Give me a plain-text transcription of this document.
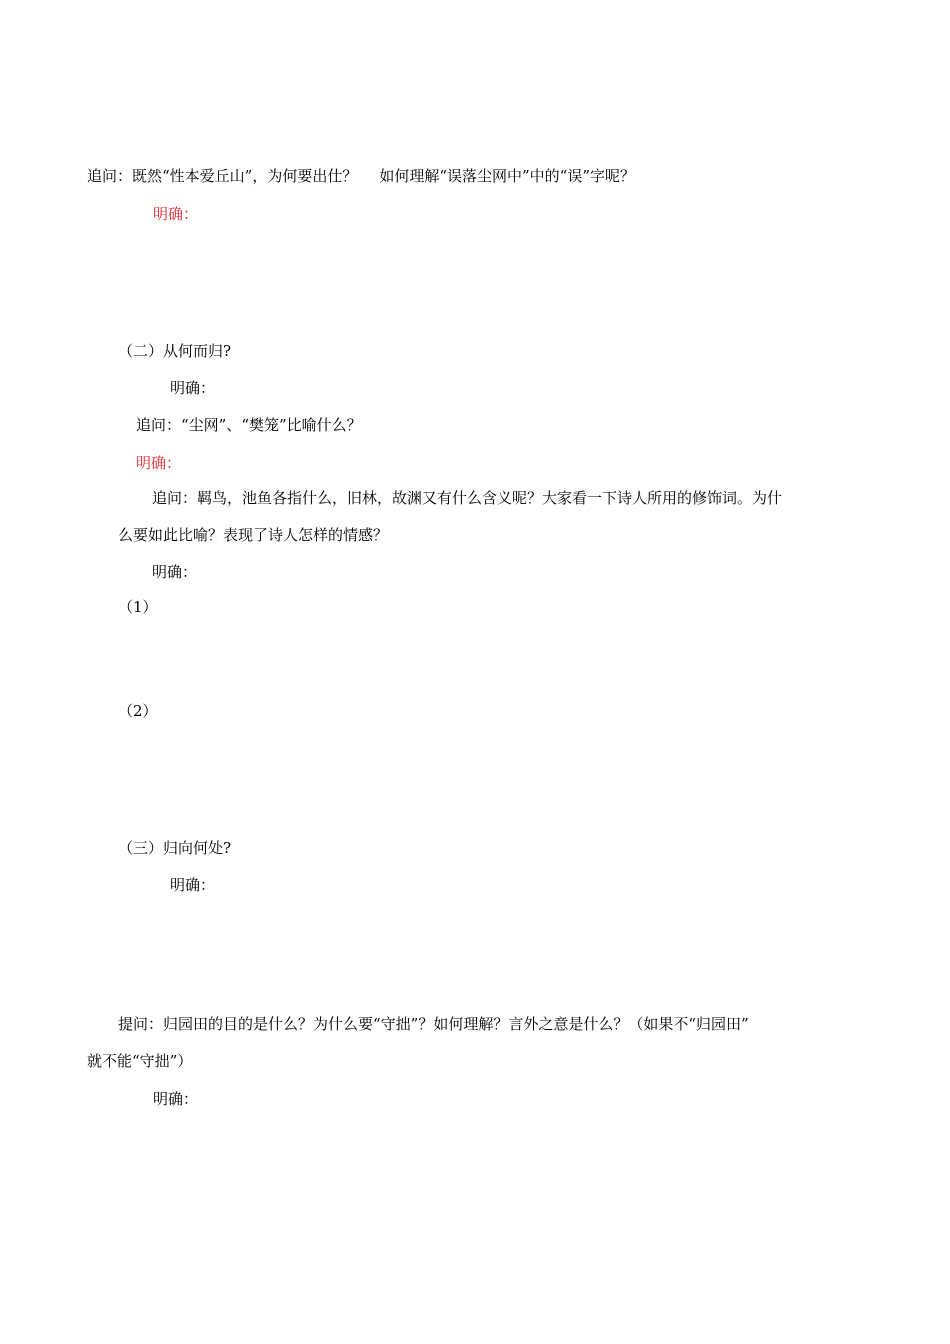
追问：既然“性本爱丘山”，为何要出仕？ 如何理解“误落尘网中”中的“误”字呢？
明确：
（二）从何而归?
明确：
追问：“尘网”、“樊笼”比喻什么？
明确：
追问：羁鸟，池鱼各指什么，旧林，故渊又有什么含义呢？大家看一下诗人所用的修饰词。为什
么要如此比喻？表现了诗人怎样的情感？
明确：
（1）
（2）
（三）归向何处?
明确：
提问：归园田的目的是什么？为什么要“守拙”？如何理解？言外之意是什么？（如果不“归园田”
就不能“守拙”）
明确：
